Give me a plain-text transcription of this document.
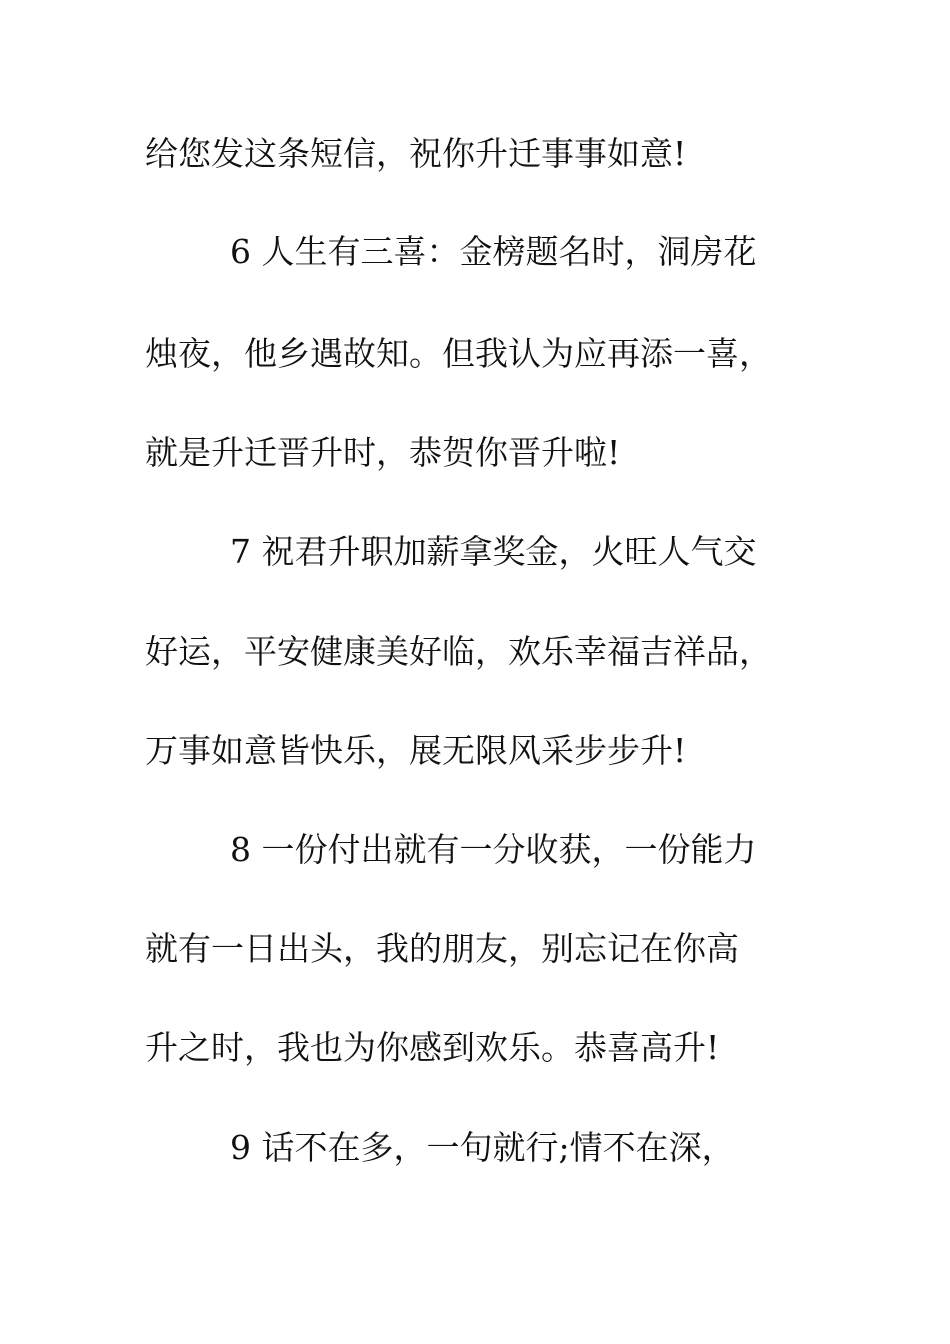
给您发这条短信，祝你升迁事事如意!
6 人生有三喜：金榜题名时，洞房花
烛夜，他乡遇故知。但我认为应再添一喜，
就是升迁晋升时，恭贺你晋升啦!
7 祝君升职加薪拿奖金，火旺人气交
好运，平安健康美好临，欢乐幸福吉祥品，
万事如意皆快乐，展无限风采步步升!
8 一份付出就有一分收获，一份能力
就有一日出头，我的朋友，别忘记在你高
升之时，我也为你感到欢乐。恭喜高升!
9 话不在多，一句就行;情不在深，
